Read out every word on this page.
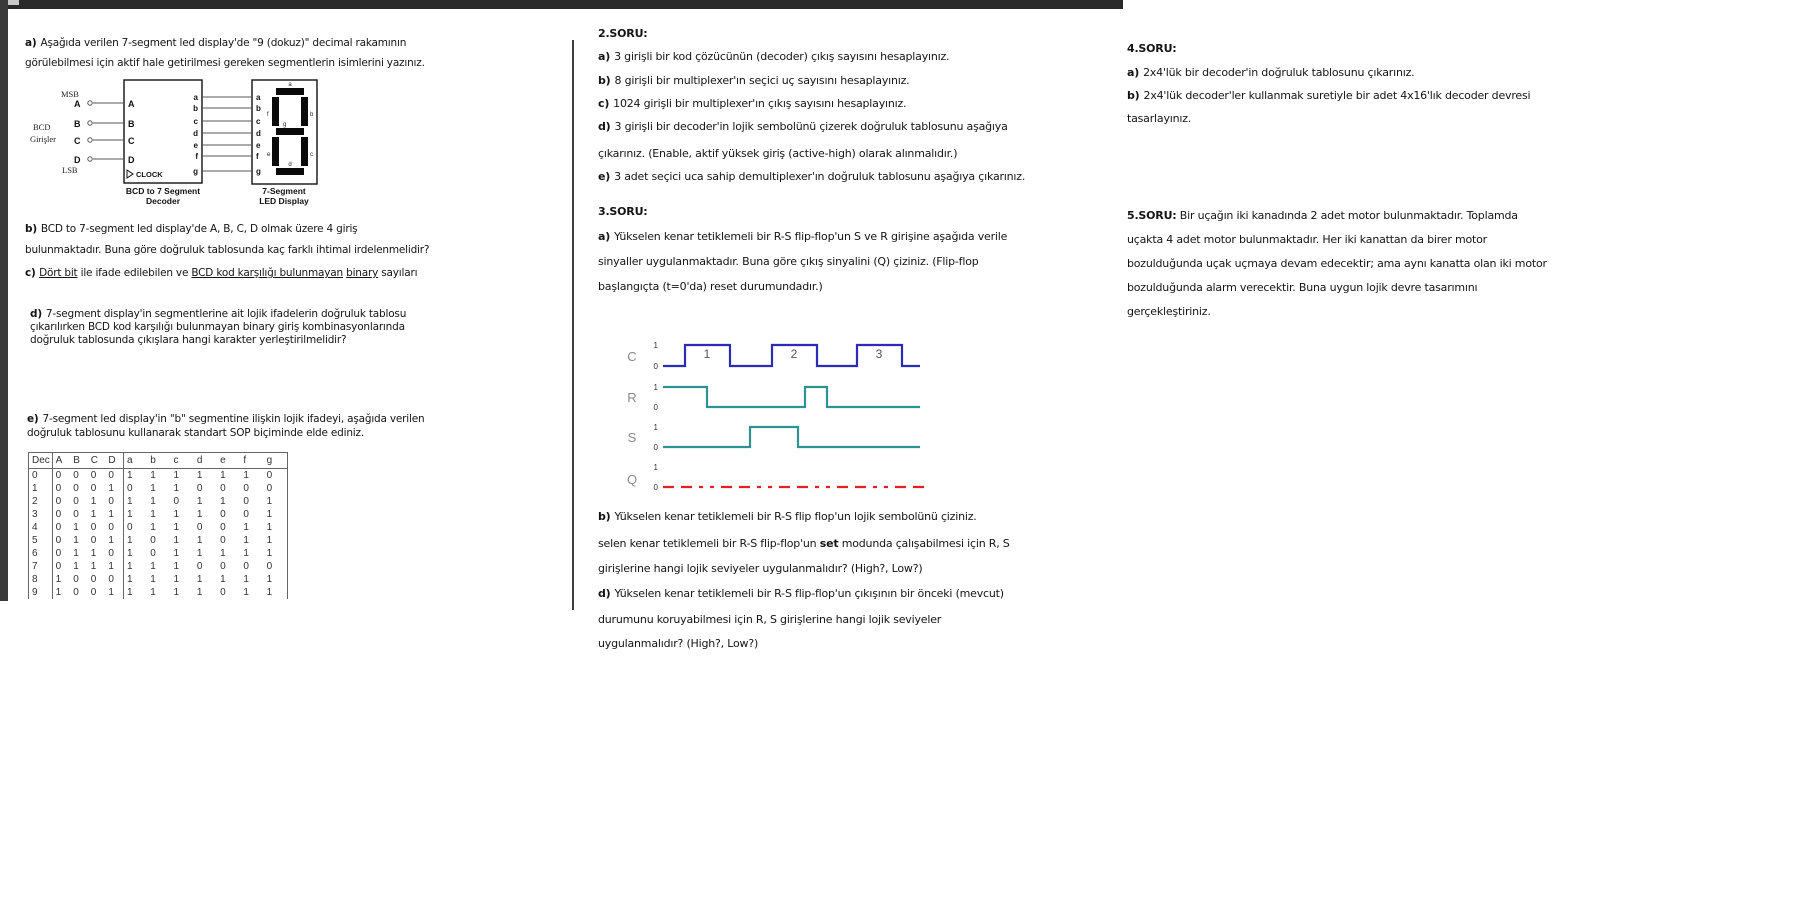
a) Aşağıda verilen 7-segment led display'de "9 (dokuz)" decimal rakamının
görülebilmesi için aktif hale getirilmesi gereken segmentlerin isimlerini yazınız.
MSB
LSB
BCD
Girişler
A
B
C
D
A
B
C
D
CLOCK
a
b
c
d
e
f
g
a
b
c
d
e
f
g
a
f	b
g
e	c
d
BCD to 7 Segment
Decoder
7-Segment
LED Display
b) BCD to 7-segment led display'de A, B, C, D olmak üzere 4 giriş
bulunmaktadır. Buna göre doğruluk tablosunda kaç farklı ihtimal irdelenmelidir?
c) Dört bit ile ifade edilebilen ve BCD kod karşılığı bulunmayan binary sayıları
d) 7-segment display'in segmentlerine ait lojik ifadelerin doğruluk tablosu
çıkarılırken BCD kod karşılığı bulunmayan binary giriş kombinasyonlarında
doğruluk tablosunda çıkışlara hangi karakter yerleştirilmelidir?
e) 7-segment led display'in "b" segmentine ilişkin lojik ifadeyi, aşağıda verilen
doğruluk tablosunu kullanarak standart SOP biçiminde elde ediniz.
Dec	A	B	C	D	a	b	c	d	e	f	g
0	0	0	0	0	1	1	1	1	1	1	0
1	0	0	0	1	0	1	1	0	0	0	0
2	0	0	1	0	1	1	0	1	1	0	1
3	0	0	1	1	1	1	1	1	0	0	1
4	0	1	0	0	0	1	1	0	0	1	1
5	0	1	0	1	1	0	1	1	0	1	1
6	0	1	1	0	1	0	1	1	1	1	1
7	0	1	1	1	1	1	1	0	0	0	0
8	1	0	0	0	1	1	1	1	1	1	1
9	1	0	0	1	1	1	1	1	0	1	1
2.SORU:
a) 3 girişli bir kod çözücünün (decoder) çıkış sayısını hesaplayınız.
b) 8 girişli bir multiplexer'ın seçici uç sayısını hesaplayınız.
c) 1024 girişli bir multiplexer'ın çıkış sayısını hesaplayınız.
d) 3 girişli bir decoder'in lojik sembolünü çizerek doğruluk tablosunu aşağıya
çıkarınız. (Enable, aktif yüksek giriş (active-high) olarak alınmalıdır.)
e) 3 adet seçici uca sahip demultiplexer'ın doğruluk tablosunu aşağıya çıkarınız.
3.SORU:
a) Yükselen kenar tetiklemeli bir R-S flip-flop'un S ve R girişine aşağıda verile
sinyaller uygulanmaktadır. Buna göre çıkış sinyalini (Q) çiziniz. (Flip-flop
başlangıçta (t=0'da) reset durumundadır.)
C
R
S
Q
1
0
1
0
1
0
1
0
1	2	3
b) Yükselen kenar tetiklemeli bir R-S flip flop'un lojik sembolünü çiziniz.
selen kenar tetiklemeli bir R-S flip-flop'un set modunda çalışabilmesi için R, S
girişlerine hangi lojik seviyeler uygulanmalıdır? (High?, Low?)
d) Yükselen kenar tetiklemeli bir R-S flip-flop'un çıkışının bir önceki (mevcut)
durumunu koruyabilmesi için R, S girişlerine hangi lojik seviyeler
uygulanmalıdır? (High?, Low?)
4.SORU:
a) 2x4'lük bir decoder'in doğruluk tablosunu çıkarınız.
b) 2x4'lük decoder'ler kullanmak suretiyle bir adet 4x16'lık decoder devresi
tasarlayınız.
5.SORU: Bir uçağın iki kanadında 2 adet motor bulunmaktadır. Toplamda
uçakta 4 adet motor bulunmaktadır. Her iki kanattan da birer motor
bozulduğunda uçak uçmaya devam edecektir; ama aynı kanatta olan iki motor
bozulduğunda alarm verecektir. Buna uygun lojik devre tasarımını
gerçekleştiriniz.
